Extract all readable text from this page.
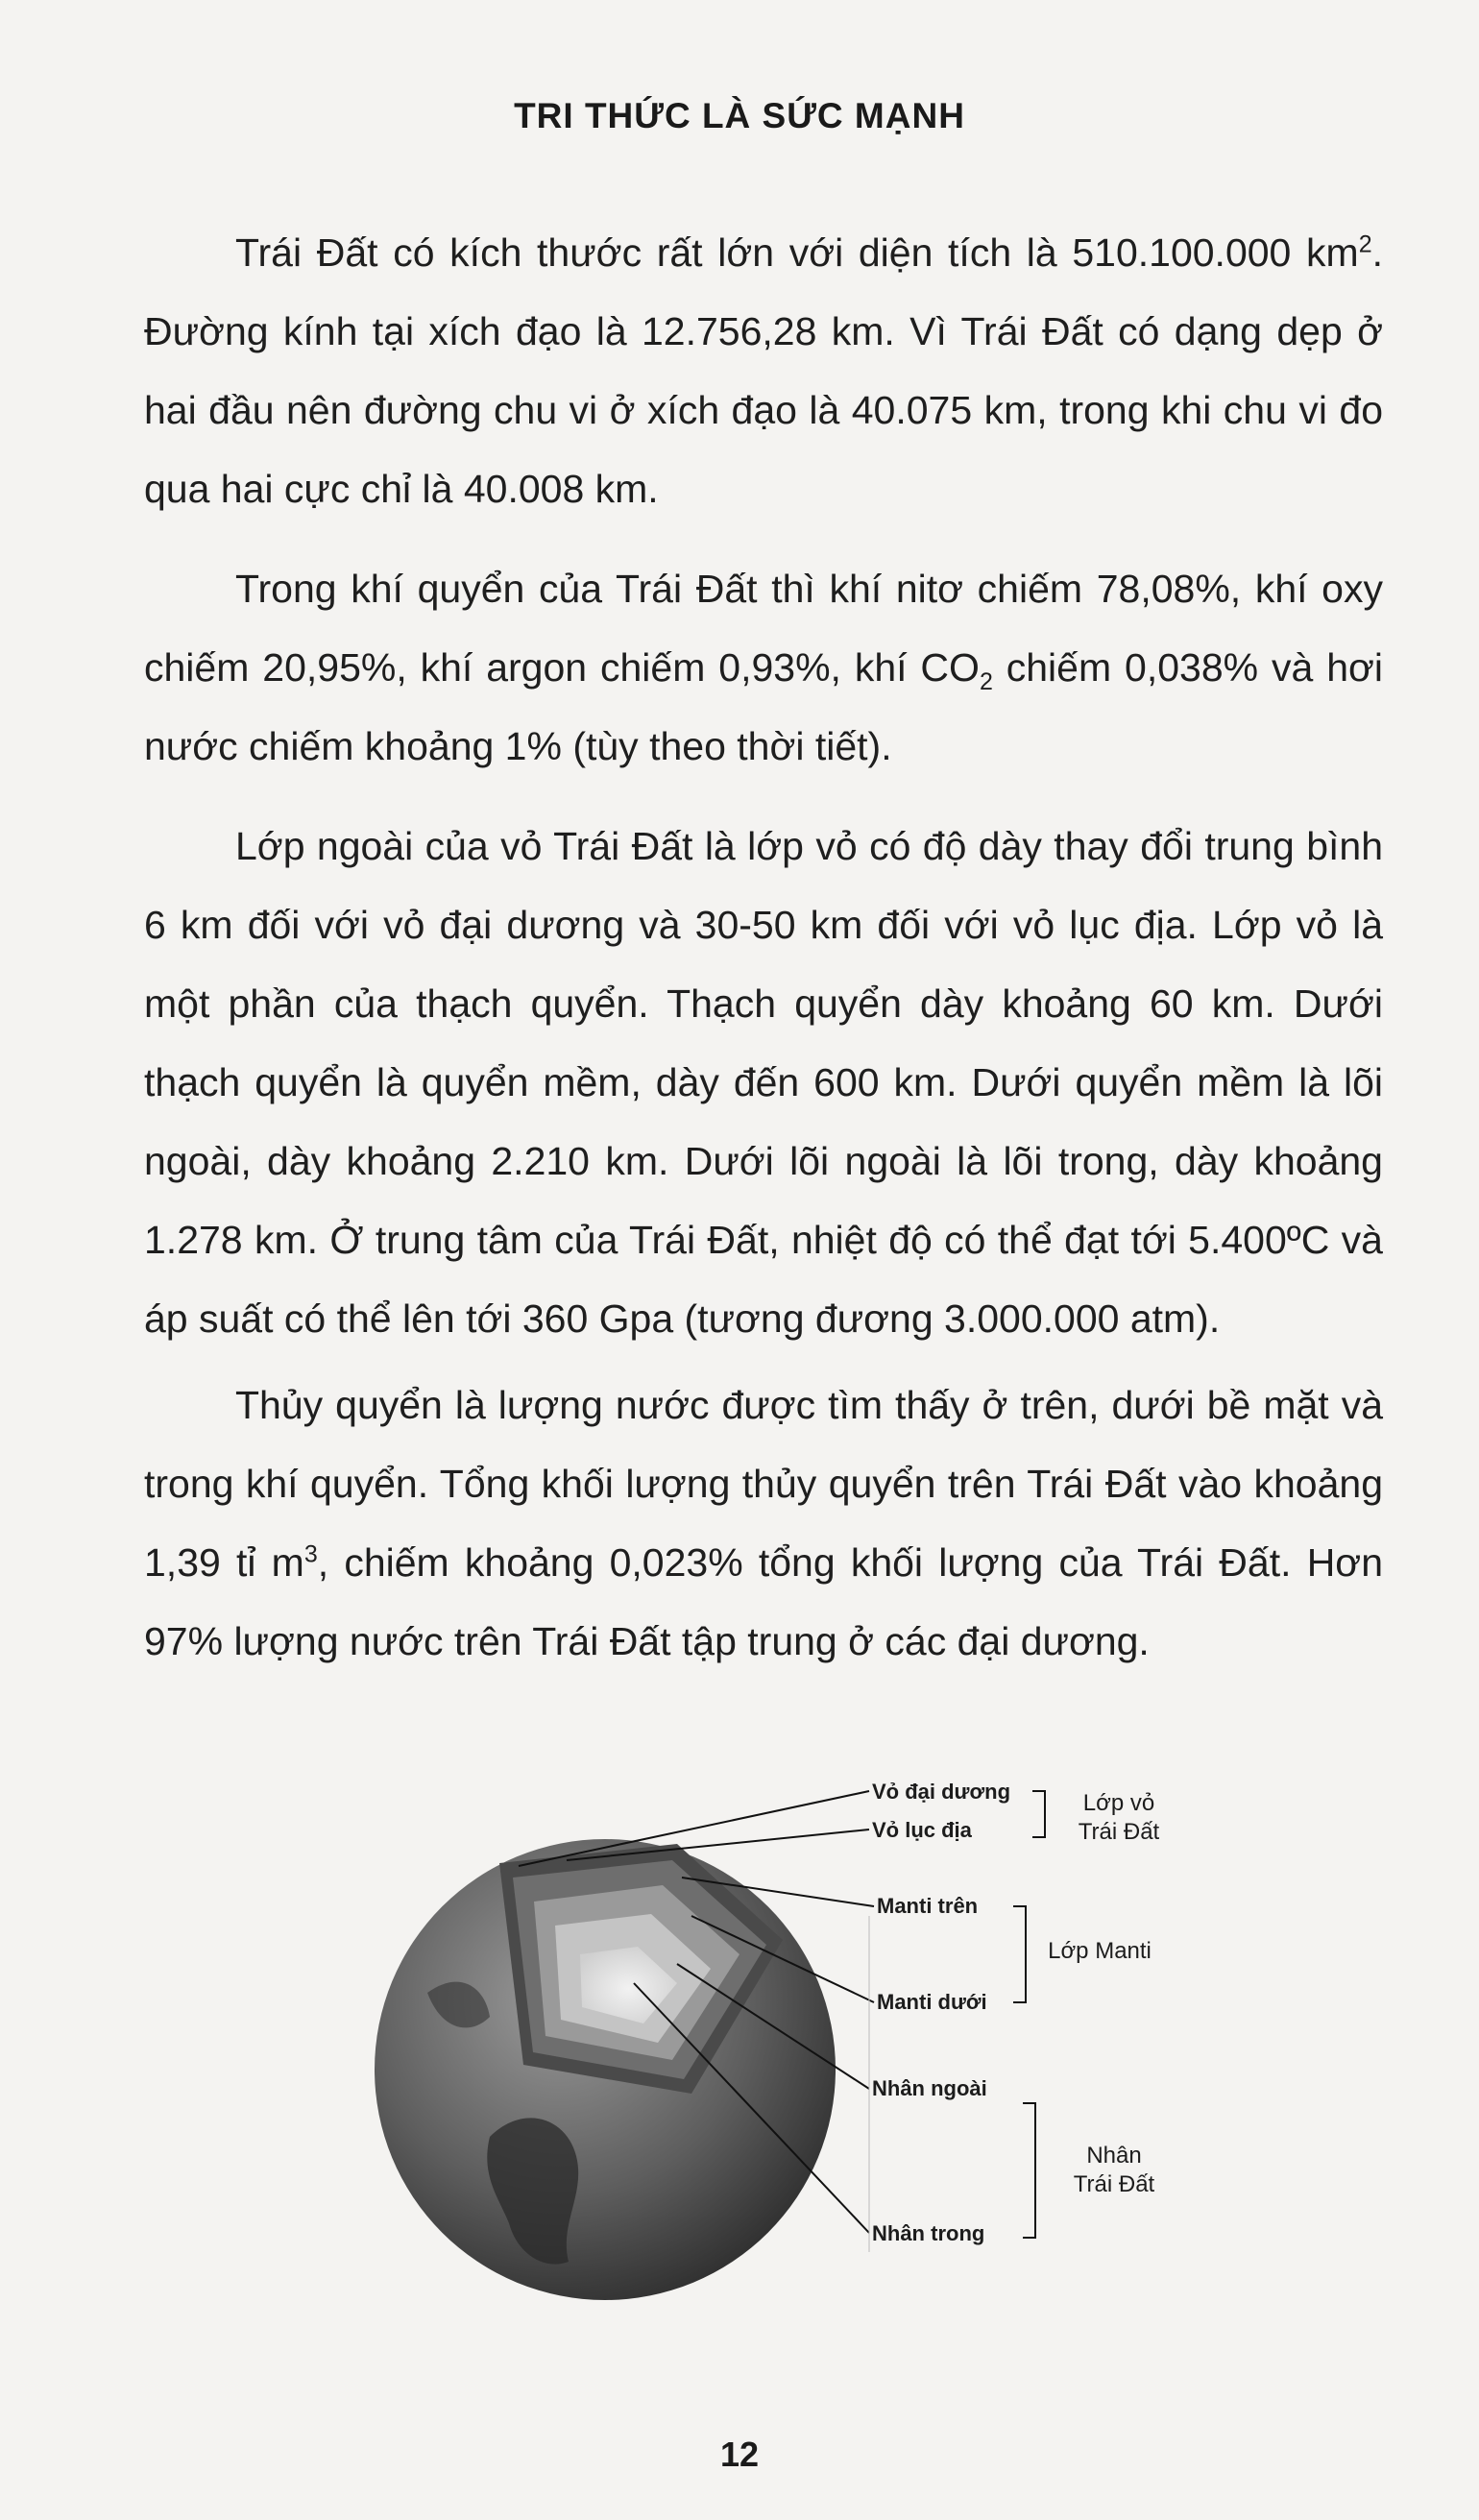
TRI THỨC LÀ SỨC MẠNH

Trái Đất có kích thước rất lớn với diện tích là 510.100.000 $km^2$. Đường kính tại xích đạo là 12.756,28 km. Vì Trái Đất có dạng dẹp ở hai đầu nên đường chu vi ở xích đạo là 40.075 km, trong khi chu vi đo qua hai cực chỉ là 40.008 km.

Trong khí quyển của Trái Đất thì khí nitơ chiếm 78,08%, khí oxy chiếm 20,95%, khí argon chiếm 0,93%, khí $CO_2$ chiếm 0,038% và hơi nước chiếm khoảng 1% (tùy theo thời tiết).

Lớp ngoài của vỏ Trái Đất là lớp vỏ có độ dày thay đổi trung bình 6 km đối với vỏ đại dương và 30-50 km đối với vỏ lục địa. Lớp vỏ là một phần của thạch quyển. Thạch quyển dày khoảng 60 km. Dưới thạch quyển là quyển mềm, dày đến 600 km. Dưới quyển mềm là lõi ngoài, dày khoảng 2.210 km. Dưới lõi ngoài là lõi trong, dày khoảng 1.278 km. Ở trung tâm của Trái Đất, nhiệt độ có thể đạt tới 5.400ºC và áp suất có thể lên tới 360 Gpa (tương đương 3.000.000 atm).

Thủy quyển là lượng nước được tìm thấy ở trên, dưới bề mặt và trong khí quyển. Tổng khối lượng thủy quyển trên Trái Đất vào khoảng 1,39 tỉ $m^3$, chiếm khoảng 0,023% tổng khối lượng của Trái Đất. Hơn 97% lượng nước trên Trái Đất tập trung ở các đại dương.

Vỏ đại dương
Vỏ lục địa
Manti trên
Manti dưới
Nhân ngoài
Nhân trong
Lớp vỏ
Trái Đất
Lớp Manti
Nhân
Trái Đất
12
